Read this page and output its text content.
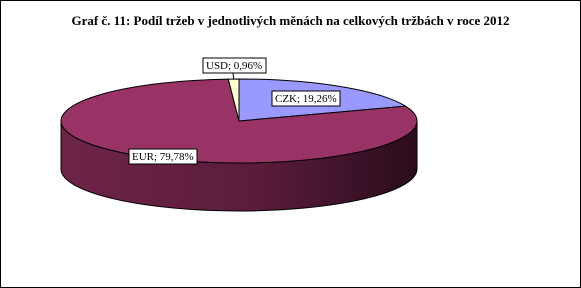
Graf č. 11: Podíl tržeb v jednotlivých měnách na celkových tržbách v roce 2012
CZK; 19,26%
EUR; 79,78%
USD; 0,96%
